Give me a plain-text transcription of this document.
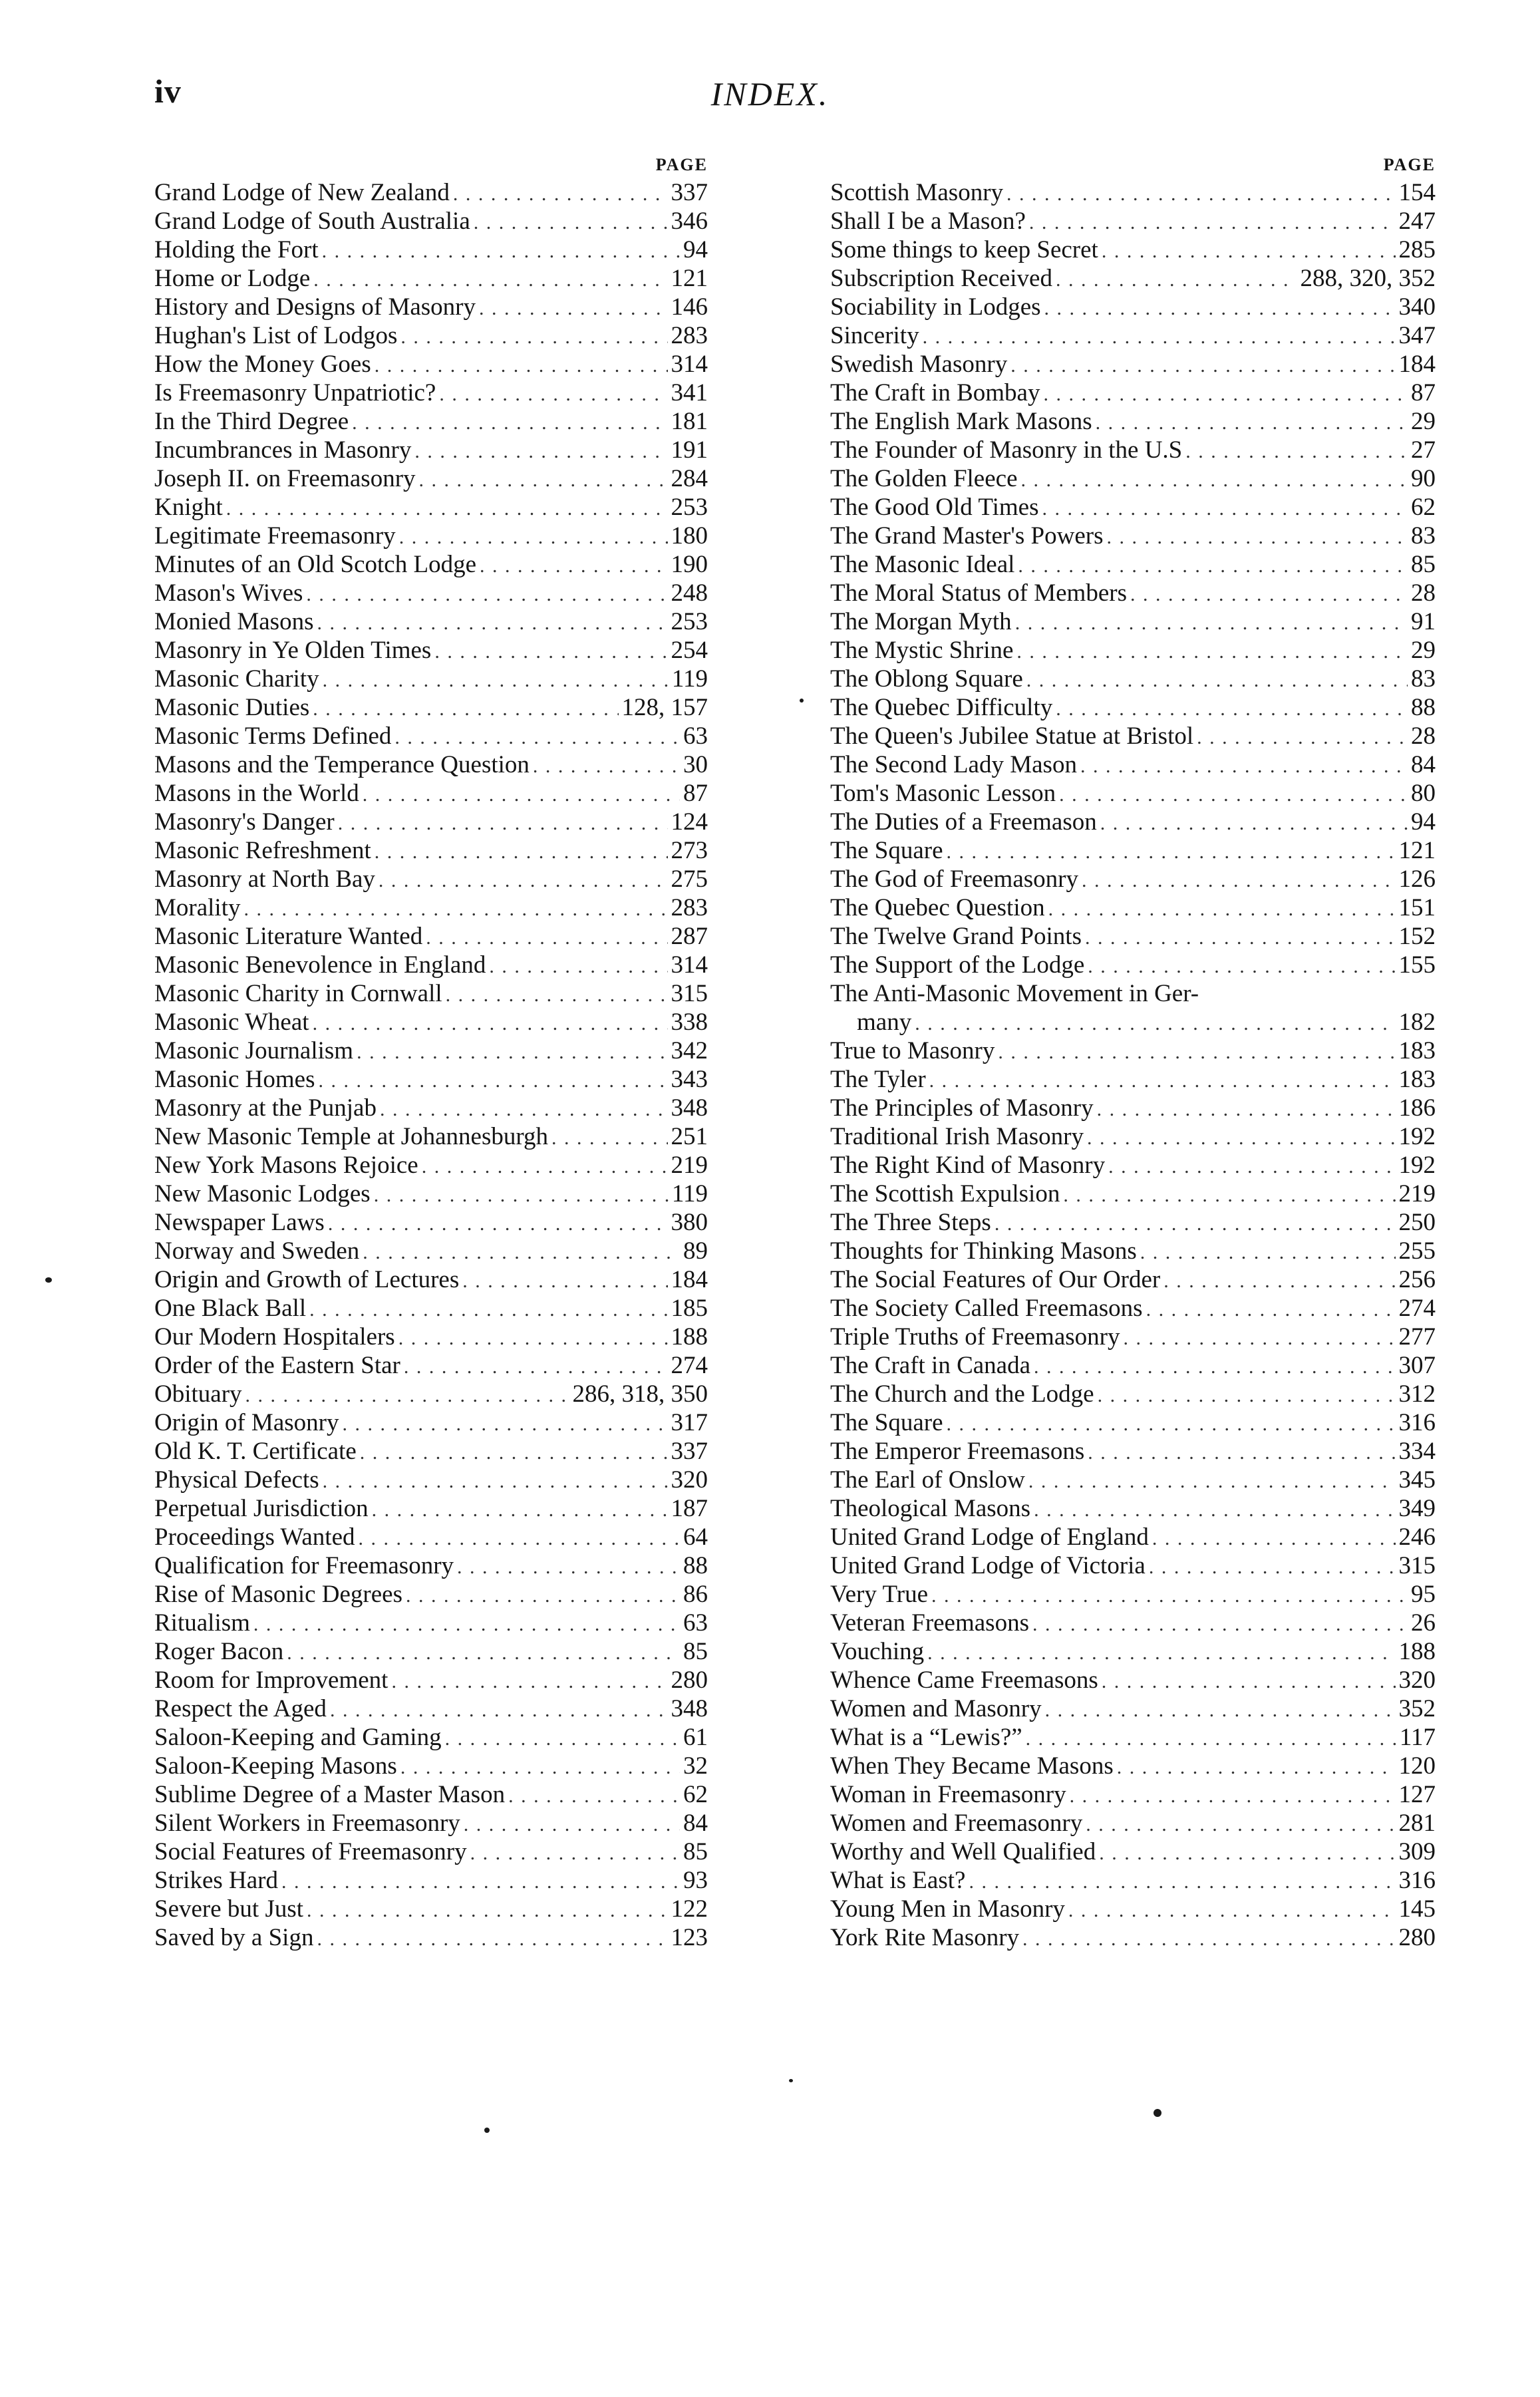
iv	INDEX.
PAGE
Grand Lodge of New Zealand . . .	337
Grand Lodge of South Australia . . .	346
Holding the Fort . . .	94
Home or Lodge . . .	121
History and Designs of Masonry . . .	146
Hughan's List of Lodgos . . .	283
How the Money Goes . . .	314
Is Freemasonry Unpatriotic? . . .	341
In the Third Degree . . .	181
Incumbrances in Masonry . . .	191
Joseph II. on Freemasonry . . .	284
Knight . . .	253
Legitimate Freemasonry . . .	180
Minutes of an Old Scotch Lodge . . .	190
Mason's Wives . . .	248
Monied Masons . . .	253
Masonry in Ye Olden Times . . .	254
Masonic Charity . . .	119
Masonic Duties . . .	128, 157
Masonic Terms Defined . . .	63
Masons and the Temperance Question . . .	30
Masons in the World . . .	87
Masonry's Danger . . .	124
Masonic Refreshment . . .	273
Masonry at North Bay . . .	275
Morality . . .	283
Masonic Literature Wanted . . .	287
Masonic Benevolence in England . . .	314
Masonic Charity in Cornwall . . .	315
Masonic Wheat . . .	338
Masonic Journalism . . .	342
Masonic Homes . . .	343
Masonry at the Punjab . . .	348
New Masonic Temple at Johannesburgh . . .	251
New York Masons Rejoice . . .	219
New Masonic Lodges . . .	119
Newspaper Laws . . .	380
Norway and Sweden . . .	89
Origin and Growth of Lectures . . .	184
One Black Ball . . .	185
Our Modern Hospitalers . . .	188
Order of the Eastern Star . . .	274
Obituary . . .	286, 318, 350
Origin of Masonry . . .	317
Old K. T. Certificate . . .	337
Physical Defects . . .	320
Perpetual Jurisdiction . . .	187
Proceedings Wanted . . .	64
Qualification for Freemasonry . . .	88
Rise of Masonic Degrees . . .	86
Ritualism . . .	63
Roger Bacon . . .	85
Room for Improvement . . .	280
Respect the Aged . . .	348
Saloon-Keeping and Gaming . . .	61
Saloon-Keeping Masons . . .	32
Sublime Degree of a Master Mason . . .	62
Silent Workers in Freemasonry . . .	84
Social Features of Freemasonry . . .	85
Strikes Hard . . .	93
Severe but Just . . .	122
Saved by a Sign . . .	123
PAGE
Scottish Masonry . . .	154
Shall I be a Mason? . . .	247
Some things to keep Secret . . .	285
Subscription Received . . .	288, 320, 352
Sociability in Lodges . . .	340
Sincerity . . .	347
Swedish Masonry . . .	184
The Craft in Bombay . . .	87
The English Mark Masons . . .	29
The Founder of Masonry in the U.S . . .	27
The Golden Fleece . . .	90
The Good Old Times . . .	62
The Grand Master's Powers . . .	83
The Masonic Ideal . . .	85
The Moral Status of Members . . .	28
The Morgan Myth . . .	91
The Mystic Shrine . . .	29
The Oblong Square . . .	83
The Quebec Difficulty . . .	88
The Queen's Jubilee Statue at Bristol . . .	28
The Second Lady Mason . . .	84
Tom's Masonic Lesson . . .	80
The Duties of a Freemason . . .	94
The Square . . .	121
The God of Freemasonry . . .	126
The Quebec Question . . .	151
The Twelve Grand Points . . .	152
The Support of the Lodge . . .	155
The Anti-Masonic Movement in Ger-
many . . .	182
True to Masonry . . .	183
The Tyler . . .	183
The Principles of Masonry . . .	186
Traditional Irish Masonry . . .	192
The Right Kind of Masonry . . .	192
The Scottish Expulsion . . .	219
The Three Steps . . .	250
Thoughts for Thinking Masons . . .	255
The Social Features of Our Order . . .	256
The Society Called Freemasons . . .	274
Triple Truths of Freemasonry . . .	277
The Craft in Canada . . .	307
The Church and the Lodge . . .	312
The Square . . .	316
The Emperor Freemasons . . .	334
The Earl of Onslow . . .	345
Theological Masons . . .	349
United Grand Lodge of England . . .	246
United Grand Lodge of Victoria . . .	315
Very True . . .	95
Veteran Freemasons . . .	26
Vouching . . .	188
Whence Came Freemasons . . .	320
Women and Masonry . . .	352
What is a “Lewis?” . . .	117
When They Became Masons . . .	120
Woman in Freemasonry . . .	127
Women and Freemasonry . . .	281
Worthy and Well Qualified . . .	309
What is East? . . .	316
Young Men in Masonry . . .	145
York Rite Masonry . . .	280
